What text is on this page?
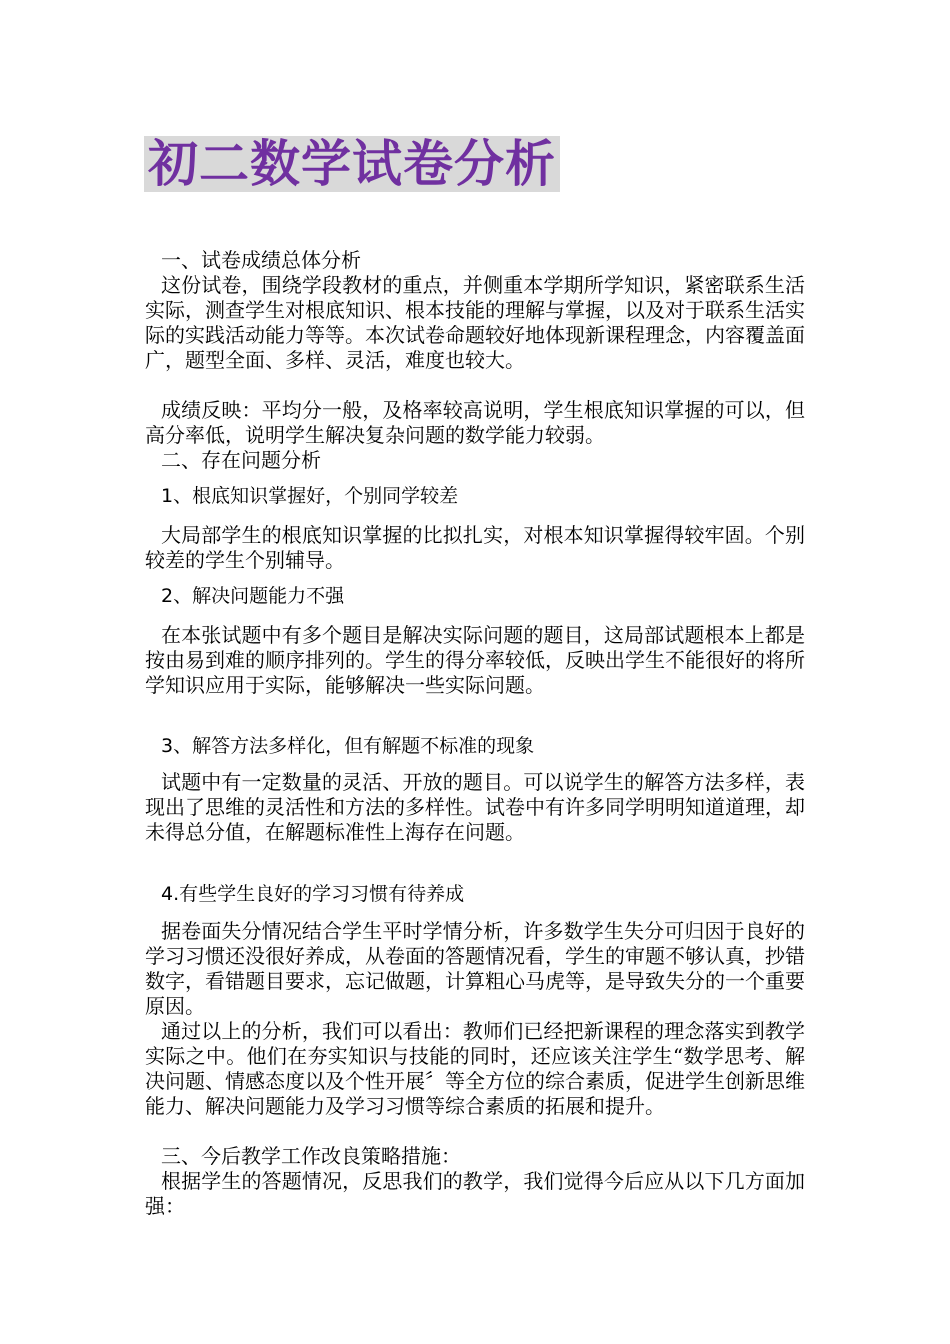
初二数学试卷分析
一、试卷成绩总体分析
这份试卷，围绕学段教材的重点，并侧重本学期所学知识，紧密联系生活实际，测查学生对根底知识、根本技能的理解与掌握，以及对于联系生活实际的实践活动能力等等。本次试卷命题较好地体现新课程理念，内容覆盖面广，题型全面、多样、灵活，难度也较大。
成绩反映：平均分一般，及格率较高说明，学生根底知识掌握的可以，但高分率低，说明学生解决复杂问题的数学能力较弱。
二、存在问题分析
1、根底知识掌握好，个别同学较差
大局部学生的根底知识掌握的比拟扎实，对根本知识掌握得较牢固。个别较差的学生个别辅导。
2、解决问题能力不强
在本张试题中有多个题目是解决实际问题的题目，这局部试题根本上都是按由易到难的顺序排列的。学生的得分率较低，反映出学生不能很好的将所学知识应用于实际，能够解决一些实际问题。
3、解答方法多样化，但有解题不标准的现象
试题中有一定数量的灵活、开放的题目。可以说学生的解答方法多样，表现出了思维的灵活性和方法的多样性。试卷中有许多同学明明知道道理，却未得总分值，在解题标准性上海存在问题。
4.有些学生良好的学习习惯有待养成
据卷面失分情况结合学生平时学情分析，许多数学生失分可归因于良好的学习习惯还没很好养成，从卷面的答题情况看，学生的审题不够认真，抄错数字，看错题目要求，忘记做题，计算粗心马虎等，是导致失分的一个重要原因。
通过以上的分析，我们可以看出：教师们已经把新课程的理念落实到教学实际之中。他们在夯实知识与技能的同时，还应该关注学生“数学思考、解决问题、情感态度以及个性开展〞等全方位的综合素质，促进学生创新思维能力、解决问题能力及学习习惯等综合素质的拓展和提升。
三、今后教学工作改良策略措施：
根据学生的答题情况，反思我们的教学，我们觉得今后应从以下几方面加强：
